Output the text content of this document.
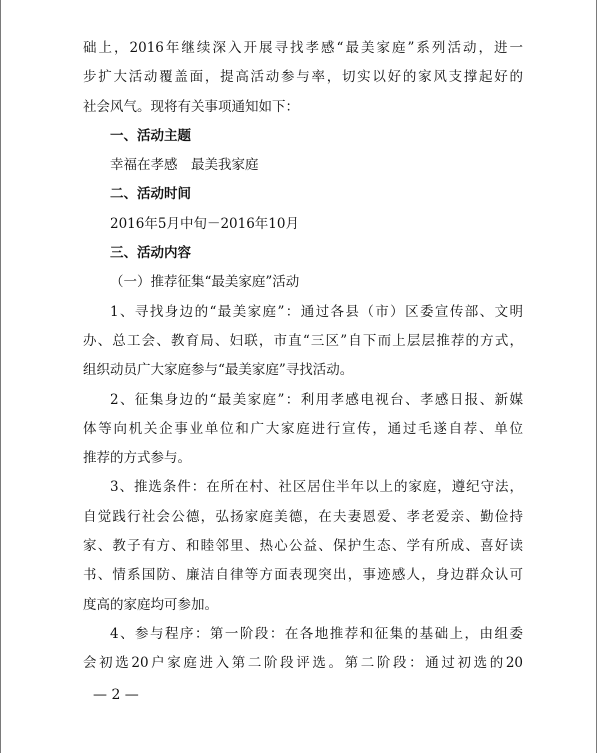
础上，2016年继续深入开展寻找孝感“最美家庭”系列活动，进一
步扩大活动覆盖面，提高活动参与率，切实以好的家风支撑起好的
社会风气。现将有关事项通知如下：
一、活动主题
幸福在孝感　最美我家庭
二、活动时间
2016年5月中旬－2016年10月
三、活动内容
（一）推荐征集“最美家庭”活动
1、寻找身边的“最美家庭”：通过各县（市）区委宣传部、文明
办、总工会、教育局、妇联，市直“三区”自下而上层层推荐的方式，
组织动员广大家庭参与“最美家庭”寻找活动。
2、征集身边的“最美家庭”：利用孝感电视台、孝感日报、新媒
体等向机关企事业单位和广大家庭进行宣传，通过毛遂自荐、单位
推荐的方式参与。
3、推选条件：在所在村、社区居住半年以上的家庭，遵纪守法，
自觉践行社会公德，弘扬家庭美德，在夫妻恩爱、孝老爱亲、勤俭持
家、教子有方、和睦邻里、热心公益、保护生态、学有所成、喜好读
书、情系国防、廉洁自律等方面表现突出，事迹感人，身边群众认可
度高的家庭均可参加。
4、参与程序：第一阶段：在各地推荐和征集的基础上，由组委
会初选20户家庭进入第二阶段评选。第二阶段：通过初选的20
— 2 —
